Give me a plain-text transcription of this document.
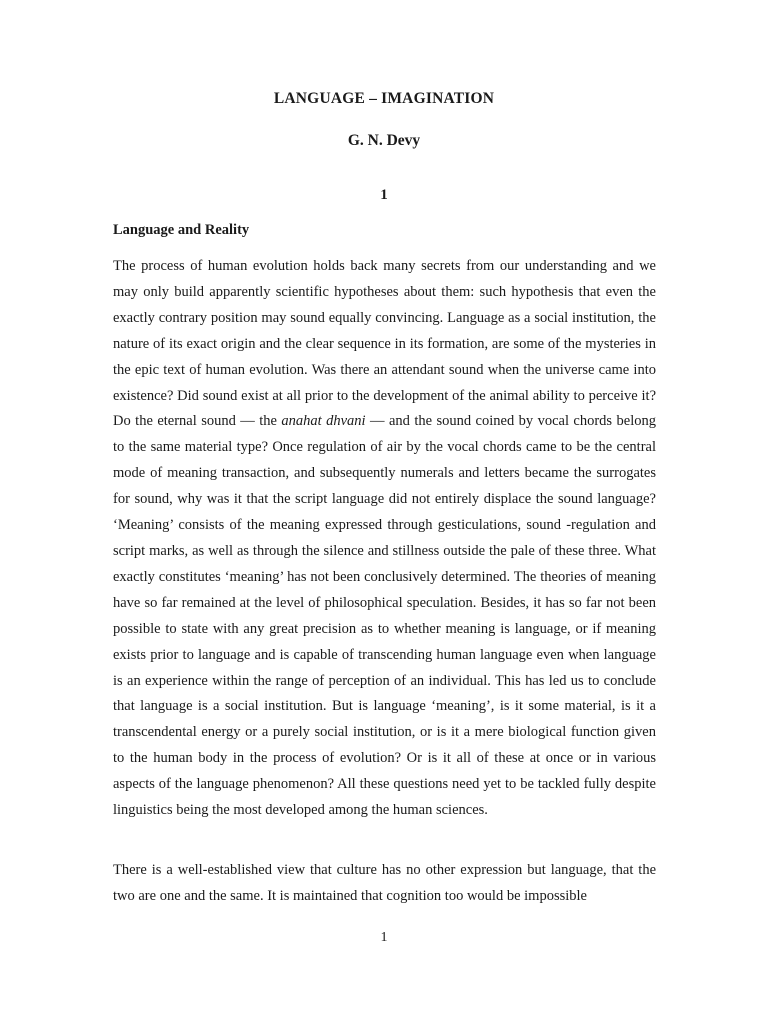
LANGUAGE – IMAGINATION
G. N. Devy
1
Language and Reality

The process of human evolution holds back many secrets from our understanding and we may only build apparently scientific hypotheses about them: such hypothesis that even the exactly contrary position may sound equally convincing. Language as a social institution, the nature of its exact origin and the clear sequence in its formation, are some of the mysteries in the epic text of human evolution. Was there an attendant sound when the universe came into existence? Did sound exist at all prior to the development of the animal ability to perceive it? Do the eternal sound — the anahat dhvani — and the sound coined by vocal chords belong to the same material type? Once regulation of air by the vocal chords came to be the central mode of meaning transaction, and subsequently numerals and letters became the surrogates for sound, why was it that the script language did not entirely displace the sound language? ‘Meaning’ consists of the meaning expressed through gesticulations, sound -regulation and script marks, as well as through the silence and stillness outside the pale of these three. What exactly constitutes ‘meaning’ has not been conclusively determined. The theories of meaning have so far remained at the level of philosophical speculation. Besides, it has so far not been possible to state with any great precision as to whether meaning is language, or if meaning exists prior to language and is capable of transcending human language even when language is an experience within the range of perception of an individual. This has led us to conclude that language is a social institution. But is language ‘meaning’, is it some material, is it a transcendental energy or a purely social institution, or is it a mere biological function given to the human body in the process of evolution? Or is it all of these at once or in various aspects of the language phenomenon? All these questions need yet to be tackled fully despite linguistics being the most developed among the human sciences.

There is a well-established view that culture has no other expression but language, that the two are one and the same. It is maintained that cognition too would be impossible

1
